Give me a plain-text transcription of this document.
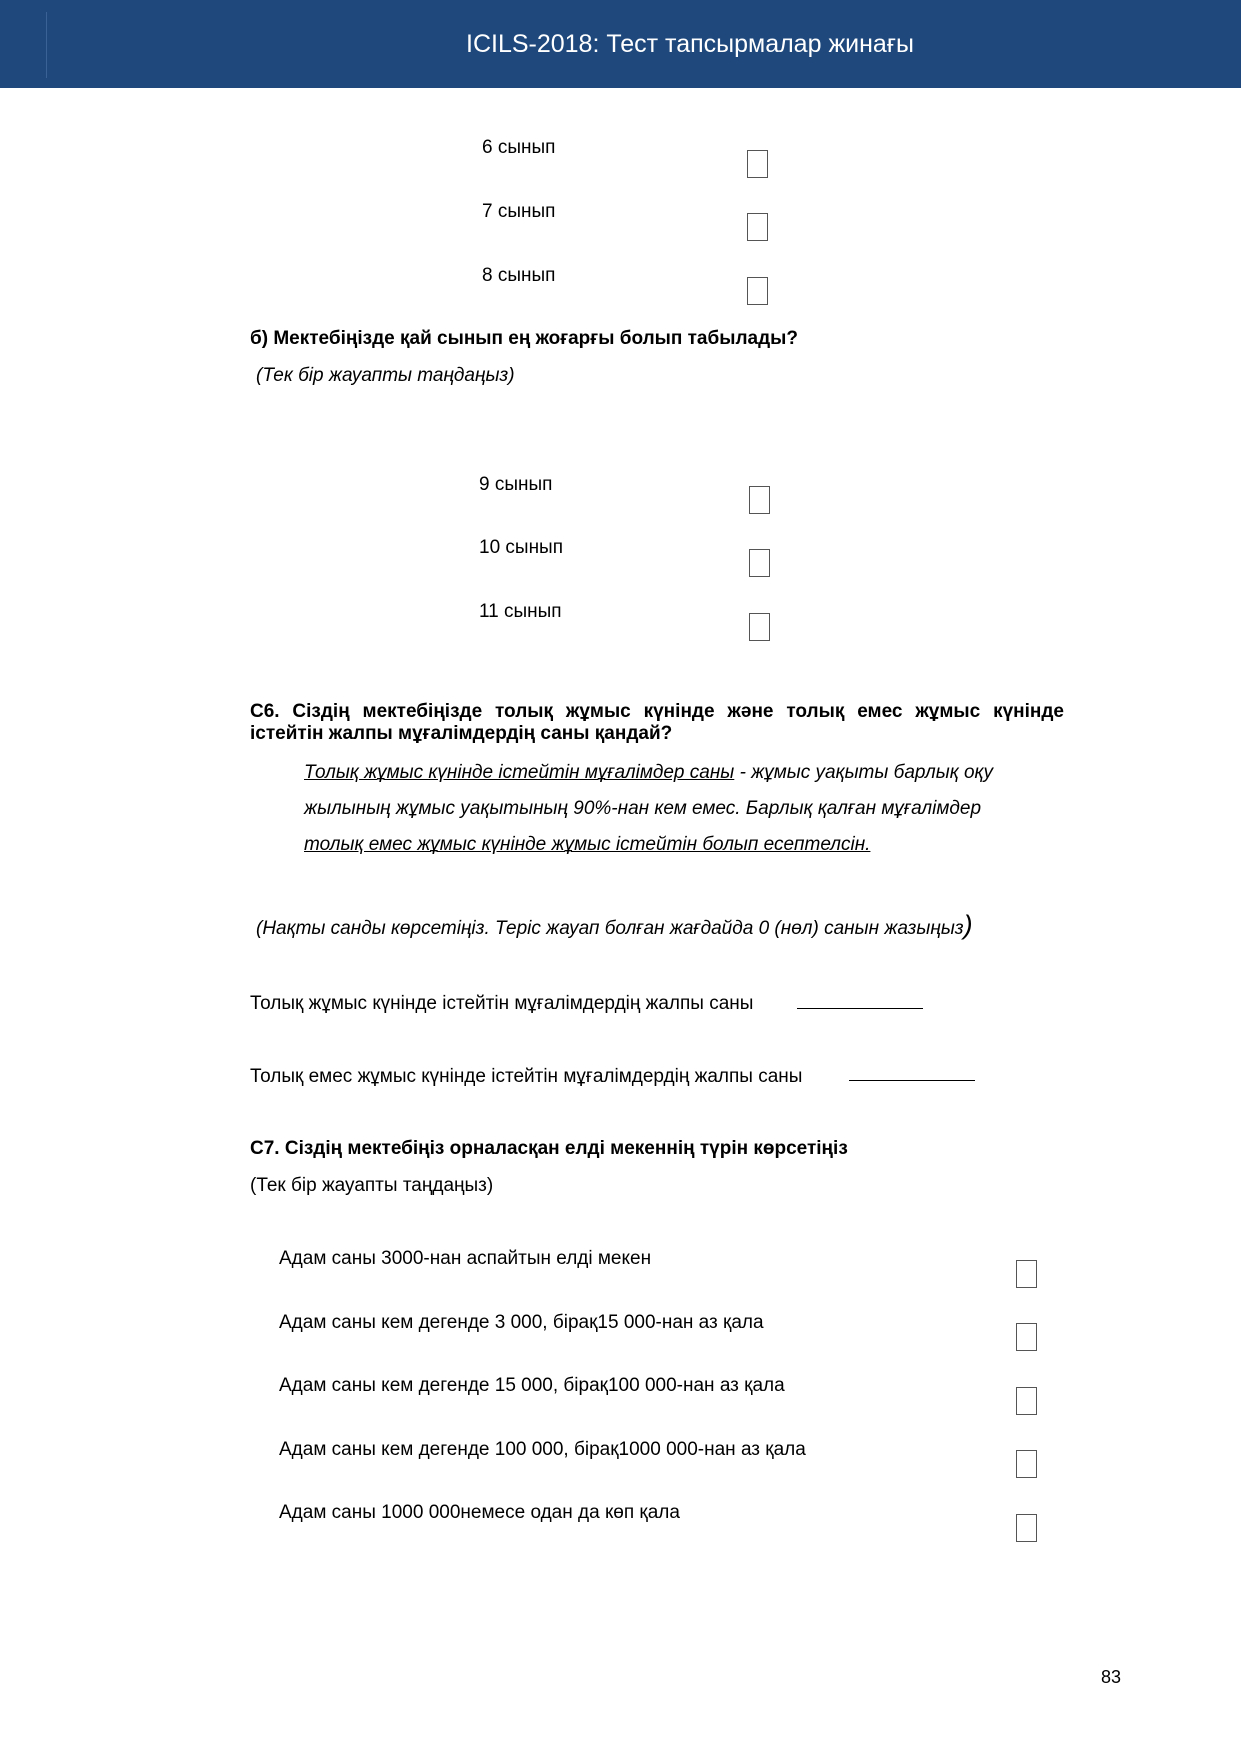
ICILS-2018: Тест тапсырмалар жинағы
6 сынып
7 сынып
8 сынып
б) Мектебіңізде қай сынып ең жоғарғы болып табылады?
(Тек бір жауапты таңдаңыз)
9 сынып
10 сынып
11 сынып
С6. Сіздің мектебіңізде толық жұмыс күнінде және толық емес жұмыс күнінде істейтін жалпы мұғалімдердің саны қандай?
Толық жұмыс күнінде істейтін мұғалімдер саны - жұмыс уақыты барлық оқу
жылының жұмыс уақытының 90%-нан кем емес. Барлық қалған мұғалімдер
толық емес жұмыс күнінде жұмыс істейтін болып есептелсін.
(Нақты санды көрсетіңіз. Теріс жауап болған жағдайда 0 (нөл) санын жазыңыз)
Толық жұмыс күнінде істейтін мұғалімдердің жалпы саны
Толық емес жұмыс күнінде істейтін мұғалімдердің жалпы саны
С7. Сіздің мектебіңіз орналасқан елді мекеннің түрін көрсетіңіз
(Тек бір жауапты таңдаңыз)
Адам саны 3000-нан аспайтын елді мекен
Адам саны кем дегенде 3 000, бірақ15 000-нан аз қала
Адам саны кем дегенде 15 000, бірақ100 000-нан аз қала
Адам саны кем дегенде 100 000, бірақ1000 000-нан аз қала
Адам саны 1000 000немесе одан да көп қала
83
